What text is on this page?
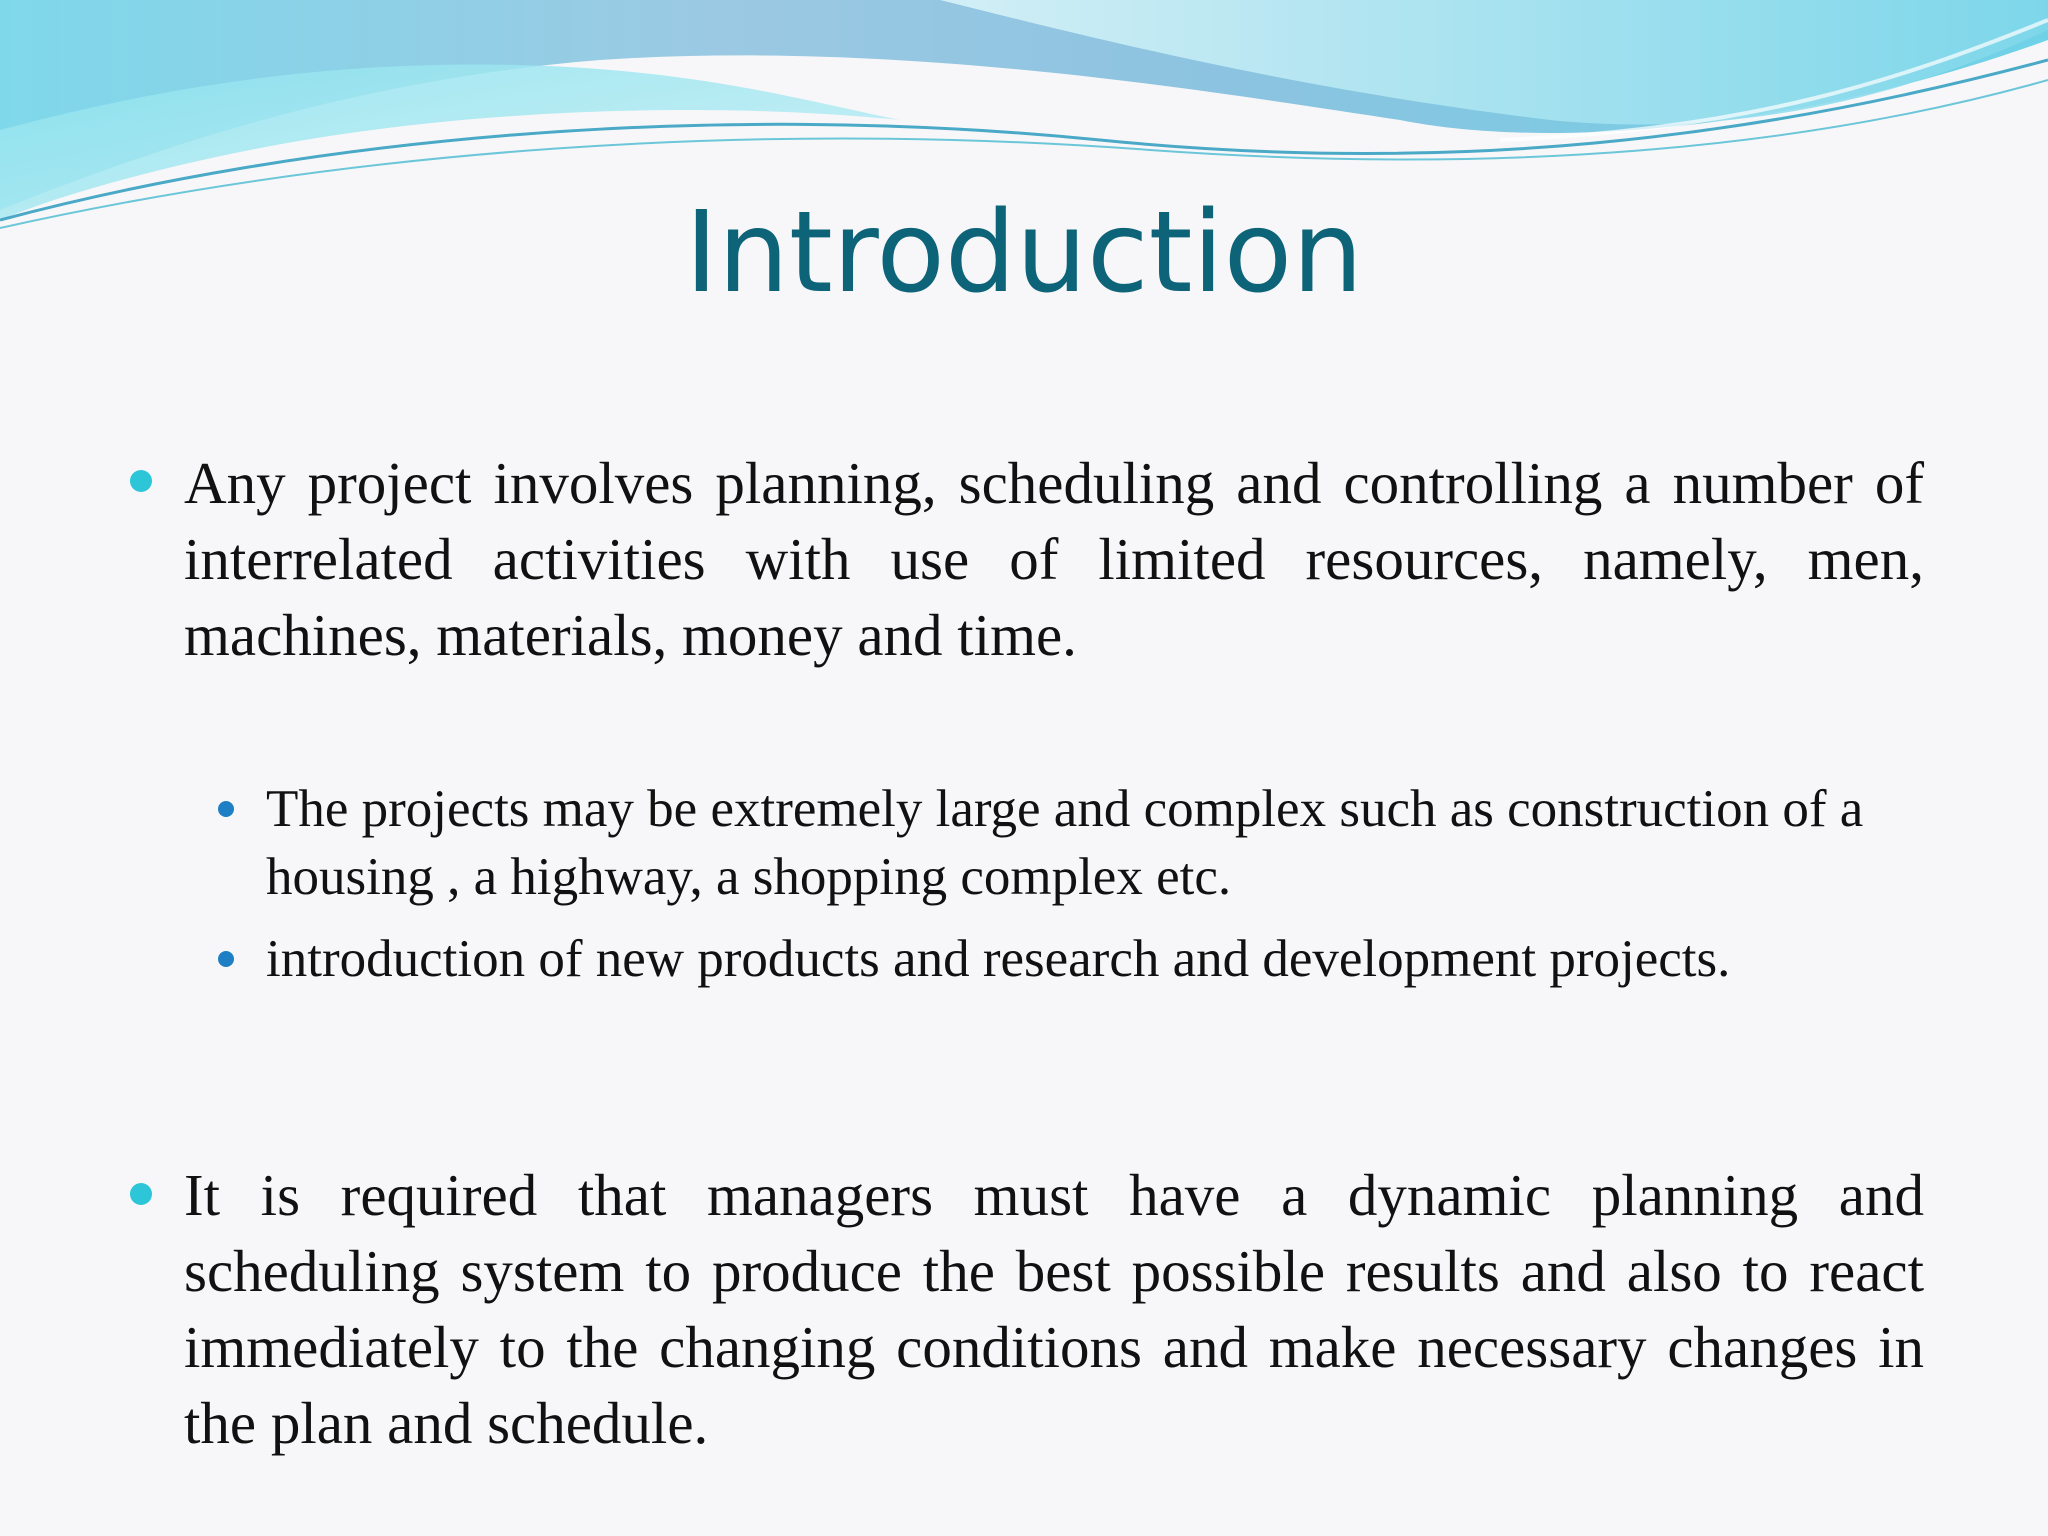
Introduction

Any project involves planning, scheduling and controlling a number of interrelated activities with use of limited resources, namely, men, machines, materials, money and time.

The projects may be extremely large and complex such as construction of a housing , a highway, a shopping complex etc.

introduction of new products and research and development projects.

It is required that managers must have a dynamic planning and scheduling system to produce the best possible results and also to react immediately to the changing conditions and make necessary changes in the plan and schedule.
